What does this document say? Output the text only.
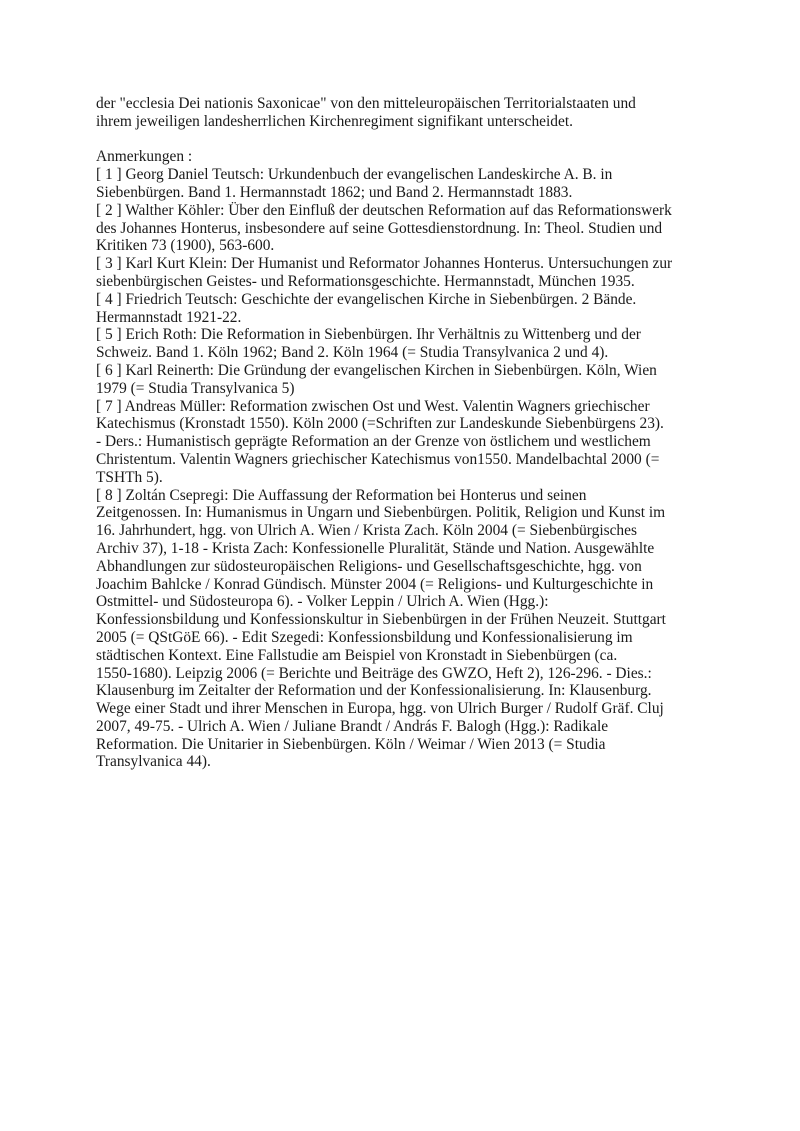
der "ecclesia Dei nationis Saxonicae" von den mitteleuropäischen Territorialstaaten und
ihrem jeweiligen landesherrlichen Kirchenregiment signifikant unterscheidet.
Anmerkungen :
[ 1 ] Georg Daniel Teutsch: Urkundenbuch der evangelischen Landeskirche A. B. in
Siebenbürgen. Band 1. Hermannstadt 1862; und Band 2. Hermannstadt 1883.
[ 2 ] Walther Köhler: Über den Einfluß der deutschen Reformation auf das Reformationswerk
des Johannes Honterus, insbesondere auf seine Gottesdienstordnung. In: Theol. Studien und
Kritiken 73 (1900), 563-600.
[ 3 ] Karl Kurt Klein: Der Humanist und Reformator Johannes Honterus. Untersuchungen zur
siebenbürgischen Geistes- und Reformationsgeschichte. Hermannstadt, München 1935.
[ 4 ] Friedrich Teutsch: Geschichte der evangelischen Kirche in Siebenbürgen. 2 Bände.
Hermannstadt 1921-22.
[ 5 ] Erich Roth: Die Reformation in Siebenbürgen. Ihr Verhältnis zu Wittenberg und der
Schweiz. Band 1. Köln 1962; Band 2. Köln 1964 (= Studia Transylvanica 2 und 4).
[ 6 ] Karl Reinerth: Die Gründung der evangelischen Kirchen in Siebenbürgen. Köln, Wien
1979 (= Studia Transylvanica 5)
[ 7 ] Andreas Müller: Reformation zwischen Ost und West. Valentin Wagners griechischer
Katechismus (Kronstadt 1550). Köln 2000 (=Schriften zur Landeskunde Siebenbürgens 23).
- Ders.: Humanistisch geprägte Reformation an der Grenze von östlichem und westlichem
Christentum. Valentin Wagners griechischer Katechismus von1550. Mandelbachtal 2000 (=
TSHTh 5).
[ 8 ] Zoltán Csepregi: Die Auffassung der Reformation bei Honterus und seinen
Zeitgenossen. In: Humanismus in Ungarn und Siebenbürgen. Politik, Religion und Kunst im
16. Jahrhundert, hgg. von Ulrich A. Wien / Krista Zach. Köln 2004 (= Siebenbürgisches
Archiv 37), 1-18 - Krista Zach: Konfessionelle Pluralität, Stände und Nation. Ausgewählte
Abhandlungen zur südosteuropäischen Religions- und Gesellschaftsgeschichte, hgg. von
Joachim Bahlcke / Konrad Gündisch. Münster 2004 (= Religions- und Kulturgeschichte in
Ostmittel- und Südosteuropa 6). - Volker Leppin / Ulrich A. Wien (Hgg.):
Konfessionsbildung und Konfessionskultur in Siebenbürgen in der Frühen Neuzeit. Stuttgart
2005 (= QStGöE 66). - Edit Szegedi: Konfessionsbildung und Konfessionalisierung im
städtischen Kontext. Eine Fallstudie am Beispiel von Kronstadt in Siebenbürgen (ca.
1550-1680). Leipzig 2006 (= Berichte und Beiträge des GWZO, Heft 2), 126-296. - Dies.:
Klausenburg im Zeitalter der Reformation und der Konfessionalisierung. In: Klausenburg.
Wege einer Stadt und ihrer Menschen in Europa, hgg. von Ulrich Burger / Rudolf Gräf. Cluj
2007, 49-75. - Ulrich A. Wien / Juliane Brandt / András F. Balogh (Hgg.): Radikale
Reformation. Die Unitarier in Siebenbürgen. Köln / Weimar / Wien 2013 (= Studia
Transylvanica 44).
